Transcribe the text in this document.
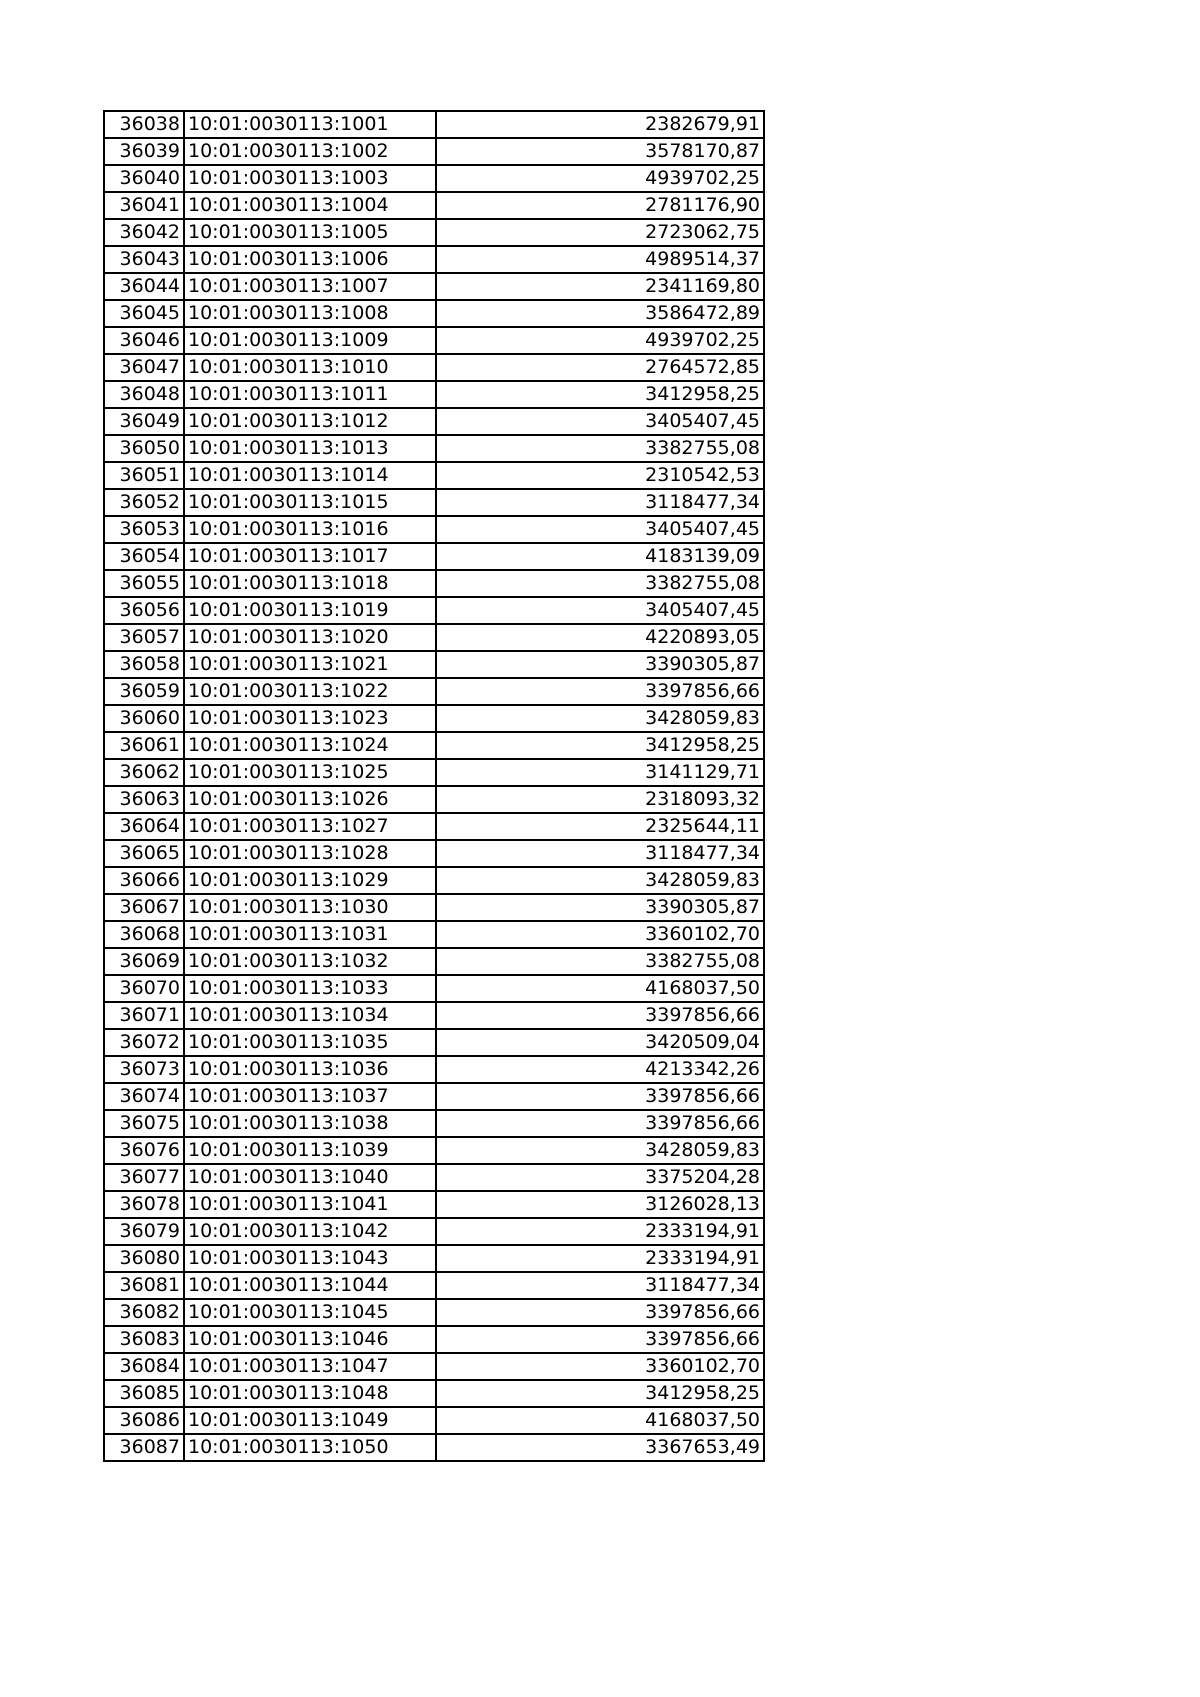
36038	10:01:0030113:1001	2382679,91
36039	10:01:0030113:1002	3578170,87
36040	10:01:0030113:1003	4939702,25
36041	10:01:0030113:1004	2781176,90
36042	10:01:0030113:1005	2723062,75
36043	10:01:0030113:1006	4989514,37
36044	10:01:0030113:1007	2341169,80
36045	10:01:0030113:1008	3586472,89
36046	10:01:0030113:1009	4939702,25
36047	10:01:0030113:1010	2764572,85
36048	10:01:0030113:1011	3412958,25
36049	10:01:0030113:1012	3405407,45
36050	10:01:0030113:1013	3382755,08
36051	10:01:0030113:1014	2310542,53
36052	10:01:0030113:1015	3118477,34
36053	10:01:0030113:1016	3405407,45
36054	10:01:0030113:1017	4183139,09
36055	10:01:0030113:1018	3382755,08
36056	10:01:0030113:1019	3405407,45
36057	10:01:0030113:1020	4220893,05
36058	10:01:0030113:1021	3390305,87
36059	10:01:0030113:1022	3397856,66
36060	10:01:0030113:1023	3428059,83
36061	10:01:0030113:1024	3412958,25
36062	10:01:0030113:1025	3141129,71
36063	10:01:0030113:1026	2318093,32
36064	10:01:0030113:1027	2325644,11
36065	10:01:0030113:1028	3118477,34
36066	10:01:0030113:1029	3428059,83
36067	10:01:0030113:1030	3390305,87
36068	10:01:0030113:1031	3360102,70
36069	10:01:0030113:1032	3382755,08
36070	10:01:0030113:1033	4168037,50
36071	10:01:0030113:1034	3397856,66
36072	10:01:0030113:1035	3420509,04
36073	10:01:0030113:1036	4213342,26
36074	10:01:0030113:1037	3397856,66
36075	10:01:0030113:1038	3397856,66
36076	10:01:0030113:1039	3428059,83
36077	10:01:0030113:1040	3375204,28
36078	10:01:0030113:1041	3126028,13
36079	10:01:0030113:1042	2333194,91
36080	10:01:0030113:1043	2333194,91
36081	10:01:0030113:1044	3118477,34
36082	10:01:0030113:1045	3397856,66
36083	10:01:0030113:1046	3397856,66
36084	10:01:0030113:1047	3360102,70
36085	10:01:0030113:1048	3412958,25
36086	10:01:0030113:1049	4168037,50
36087	10:01:0030113:1050	3367653,49
